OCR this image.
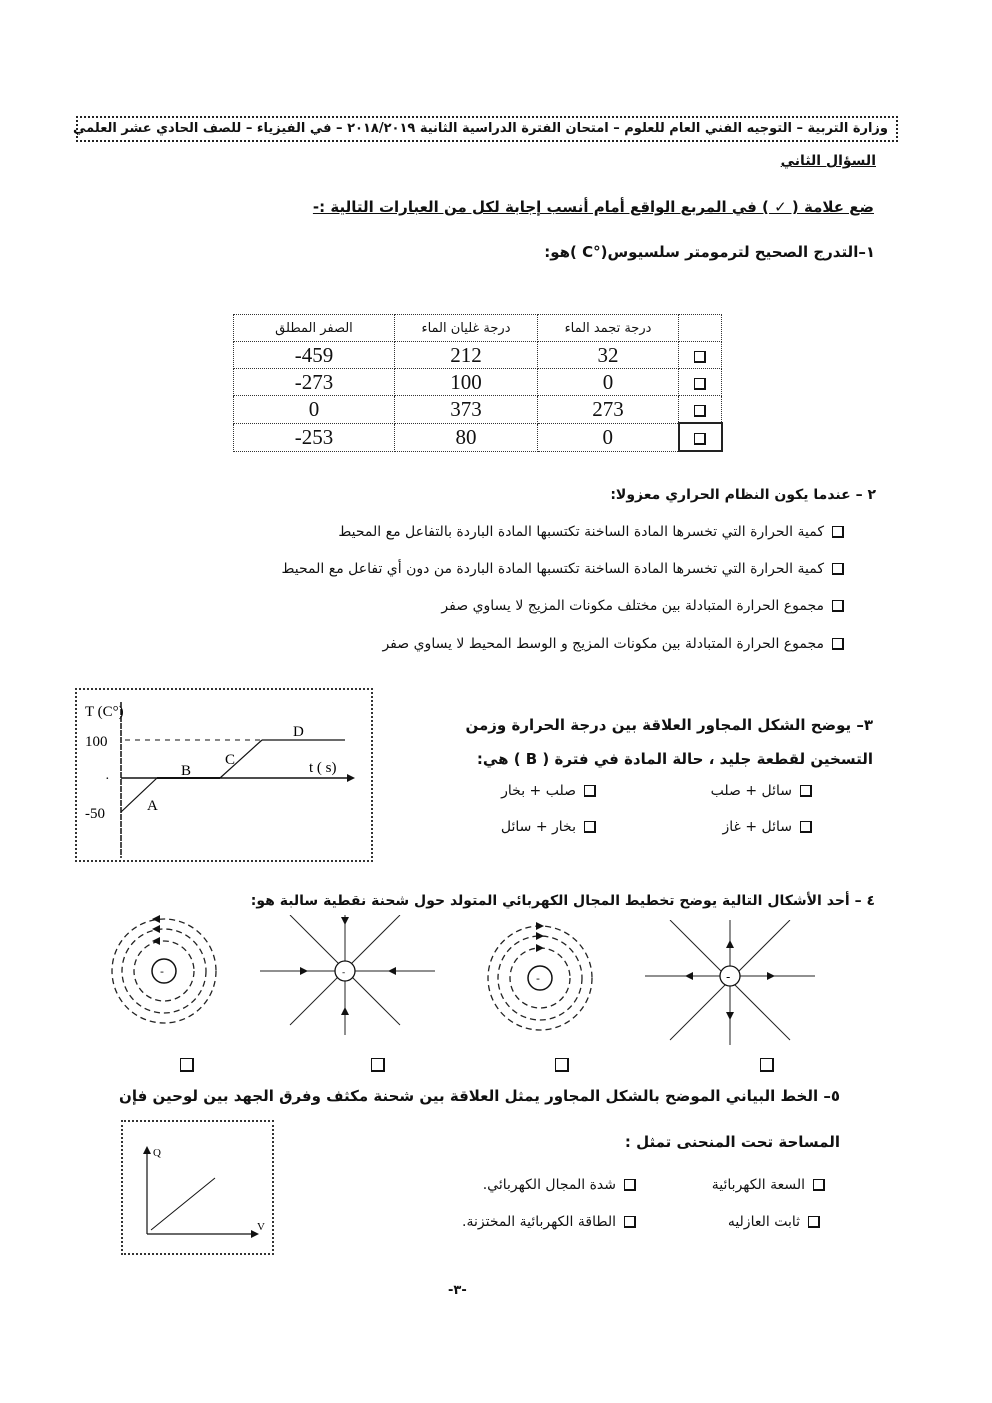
وزارة التربية – التوجيه الفني العام للعلوم – امتحان الفترة الدراسية الثانية ٢٠١٨/٢٠١٩ – في الفيزياء – للصف الحادي عشر العلمي
السؤال الثاني
ضع علامة ( ✓ ) في المربع الواقع أمام أنسب إجابة لكل من العبارات التالية :-
١–التدرج الصحيح لترمومتر سلسيوس(°C )هو:
الصفر المطلق	درجة غليان الماء	درجة تجمد الماء	
-459	212	32	
-273	100	0	
0	373	273	
-253	80	0	
٢ – عندما يكون النظام الحراري معزولا:
كمية الحرارة التي تخسرها المادة الساخنة تكتسبها المادة الباردة بالتفاعل مع المحيط
كمية الحرارة التي تخسرها المادة الساخنة تكتسبها المادة الباردة من دون أي تفاعل مع المحيط
مجموع الحرارة المتبادلة بين مختلف مكونات المزيج لا يساوي صفر
مجموع الحرارة المتبادلة بين مكونات المزيج و الوسط المحيط لا يساوي صفر
T (C°)
100
·
-50	A
B
C
D
t ( s)
٣– يوضح الشكل المجاور العلاقة بين درجة الحرارة وزمن
التسخين لقطعة جليد ، حالة المادة في فترة ( B ) هي:
سائل + صلب
صلب + بخار
سائل + غاز
بخار + سائل
٤ – أحد الأشكال التالية يوضح تخطيط المجال الكهربائي المتولد حول شحنة نقطية سالبة هو:
-	-	-	-
٥– الخط البياني الموضح بالشكل المجاور يمثل العلاقة بين شحنة مكثف وفرق الجهد بين لوحين فإن
المساحة تحت المنحنى تمثل :
Q
V
السعة الكهربائية
شدة المجال الكهربائي.
ثابت العازليه
الطاقة الكهربائية المختزنة.
-٣-
